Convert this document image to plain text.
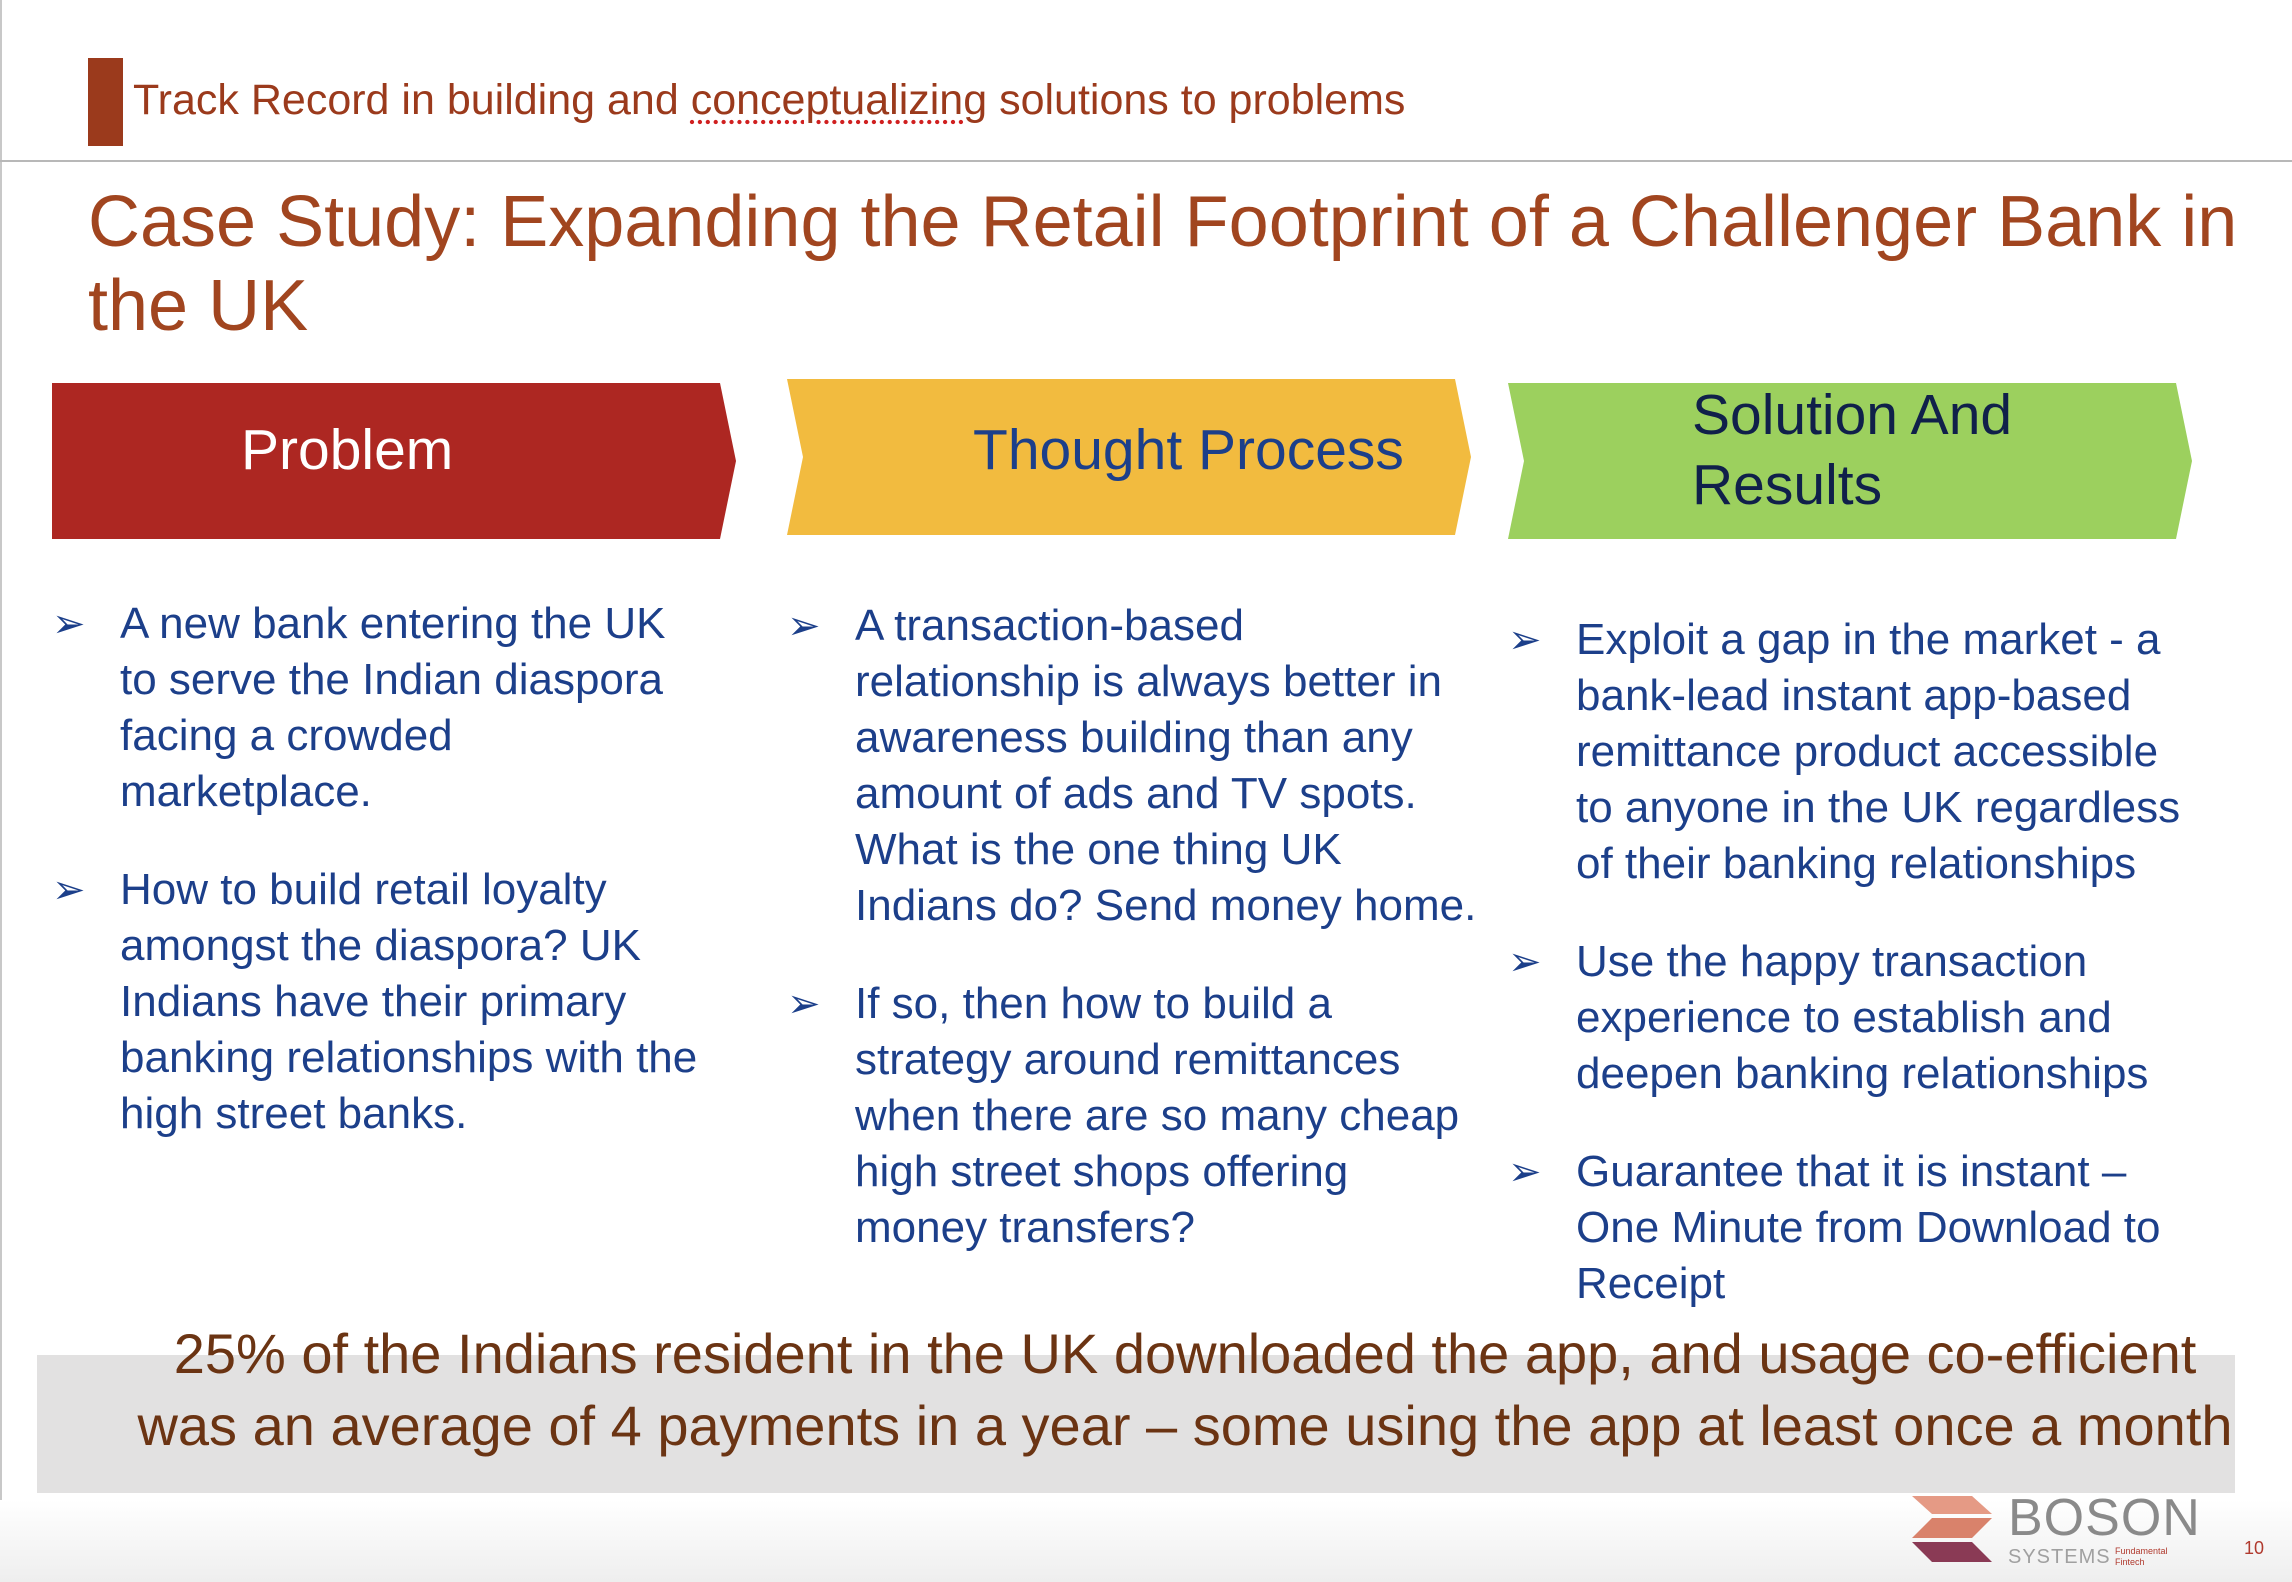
Track Record in building and conceptualizing solutions to problems
Case Study: Expanding the Retail Footprint of a Challenger Bank in the UK
Problem	Thought Process
Solution And Results
➢ A new bank entering the UK to serve the Indian diaspora facing a crowded marketplace.
➢ How to build retail loyalty amongst the diaspora? UK Indians have their primary banking relationships with the high street banks.
➢ A transaction-based relationship is always better in awareness building than any amount of ads and TV spots. What is the one thing UK Indians do? Send money home.
➢ If so, then how to build a strategy around remittances when there are so many cheap high street shops offering money transfers?
➢ Exploit a gap in the market - a bank-lead instant app-based remittance product accessible to anyone in the UK regardless of their banking relationships
➢ Use the happy transaction experience to establish and deepen banking relationships
➢ Guarantee that it is instant – One Minute from Download to Receipt
25% of the Indians resident in the UK downloaded the app, and usage co-efficient was an average of 4 payments in a year – some using the app at least once a month
BOSON
SYSTEMS Fundamental
Fintech
10
